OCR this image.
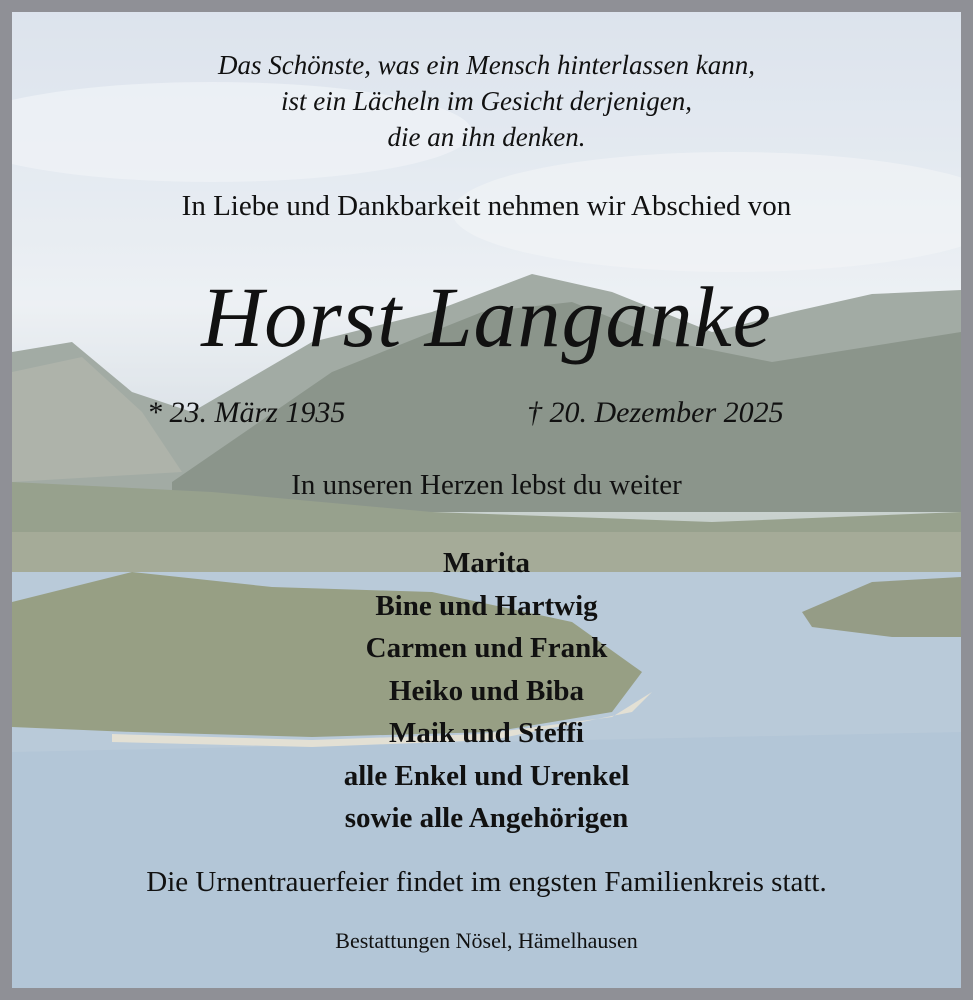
Das Schönste, was ein Mensch hinterlassen kann,
ist ein Lächeln im Gesicht derjenigen,
die an ihn denken.
In Liebe und Dankbarkeit nehmen wir Abschied von
Horst Langanke
* 23. März 1935	† 20. Dezember 2025
In unseren Herzen lebst du weiter
Marita
Bine und Hartwig
Carmen und Frank
Heiko und Biba
Maik und Steffi
alle Enkel und Urenkel
sowie alle Angehörigen
Die Urnentrauerfeier findet im engsten Familienkreis statt.
Bestattungen Nösel, Hämelhausen
